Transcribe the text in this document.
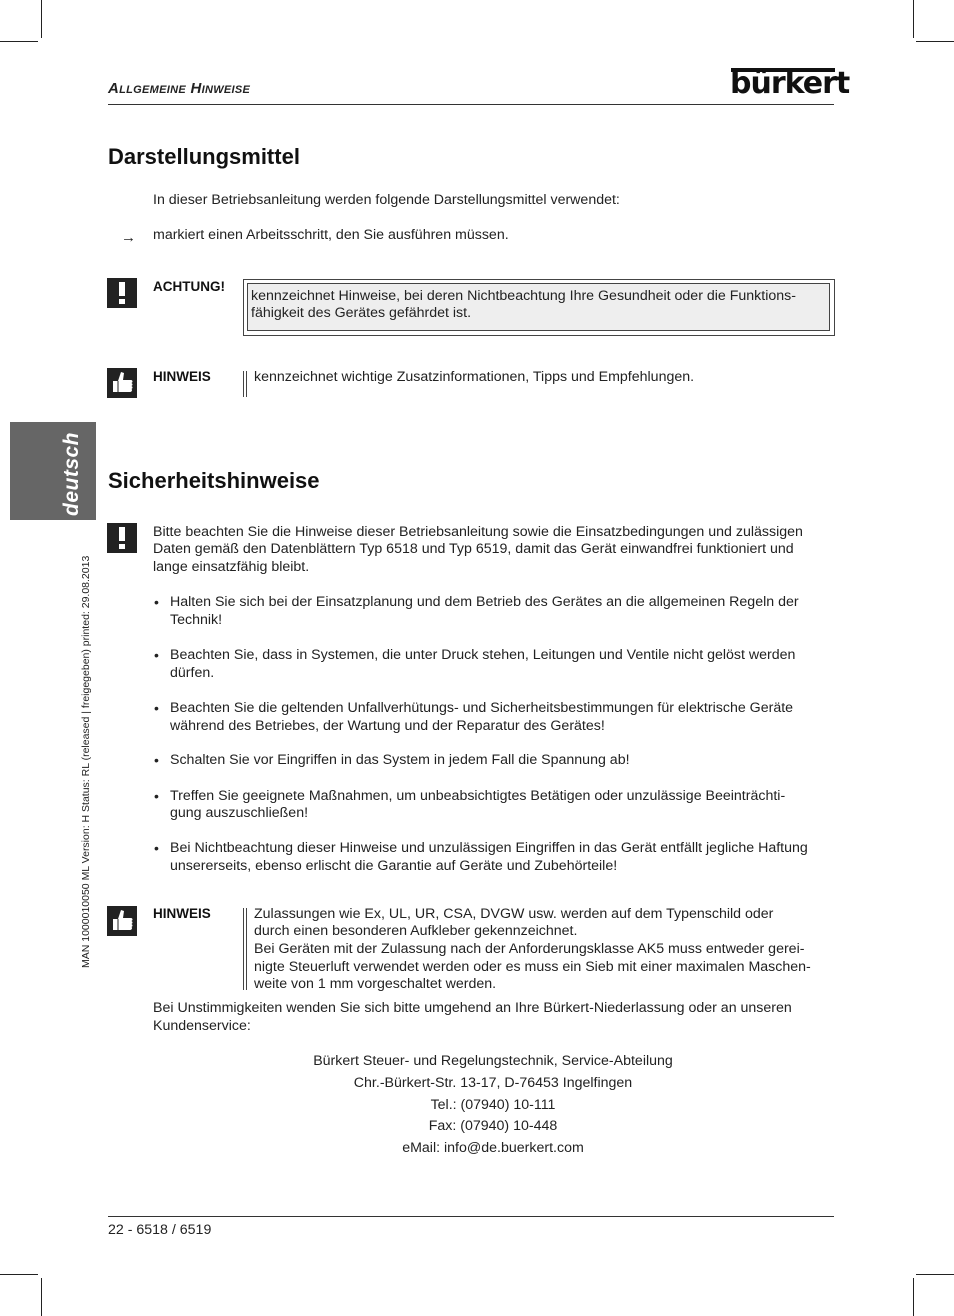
ALLGEMEINE HINWEISE	bürkert
deutsch
MAN 1000010050 ML Version: H Status: RL (released | freigegeben) printed: 29.08.2013
Darstellungsmittel
In dieser Betriebsanleitung werden folgende Darstellungsmittel verwendet:
→ markiert einen Arbeitsschritt, den Sie ausführen müssen.
ACHTUNG!
kennzeichnet Hinweise, bei deren Nichtbeachtung Ihre Gesundheit oder die Funktions-
fähigkeit des Gerätes gefährdet ist.
HINWEIS	kennzeichnet wichtige Zusatzinformationen, Tipps und Empfehlungen.
Sicherheitshinweise
Bitte beachten Sie die Hinweise dieser Betriebsanleitung sowie die Einsatzbedingungen und zulässigen
Daten gemäß den Datenblättern Typ 6518 und Typ 6519, damit das Gerät einwandfrei funktioniert und
lange einsatzfähig bleibt.
• Halten Sie sich bei der Einsatzplanung und dem Betrieb des Gerätes an die allgemeinen Regeln der
Technik!
• Beachten Sie, dass in Systemen, die unter Druck stehen, Leitungen und Ventile nicht gelöst werden
dürfen.
• Beachten Sie die geltenden Unfallverhütungs- und Sicherheitsbestimmungen für elektrische Geräte
während des Betriebes, der Wartung und der Reparatur des Gerätes!
• Schalten Sie vor Eingriffen in das System in jedem Fall die Spannung ab!
• Treffen Sie geeignete Maßnahmen, um unbeabsichtigtes Betätigen oder unzulässige Beeinträchti-
gung auszuschließen!
• Bei Nichtbeachtung dieser Hinweise und unzulässigen Eingriffen in das Gerät entfällt jegliche Haftung
unsererseits, ebenso erlischt die Garantie auf Geräte und Zubehörteile!
HINWEIS	Zulassungen wie Ex, UL, UR, CSA, DVGW usw. werden auf dem Typenschild oder
durch einen besonderen Aufkleber gekennzeichnet.
Bei Geräten mit der Zulassung nach der Anforderungsklasse AK5 muss entweder gerei-
nigte Steuerluft verwendet werden oder es muss ein Sieb mit einer maximalen Maschen-
weite von 1 mm vorgeschaltet werden.
Bei Unstimmigkeiten wenden Sie sich bitte umgehend an Ihre Bürkert-Niederlassung oder an unseren
Kundenservice:
Bürkert Steuer- und Regelungstechnik, Service-Abteilung
Chr.-Bürkert-Str. 13-17, D-76453 Ingelfingen
Tel.: (07940) 10-111
Fax: (07940) 10-448
eMail: info@de.buerkert.com
22 - 6518 / 6519
